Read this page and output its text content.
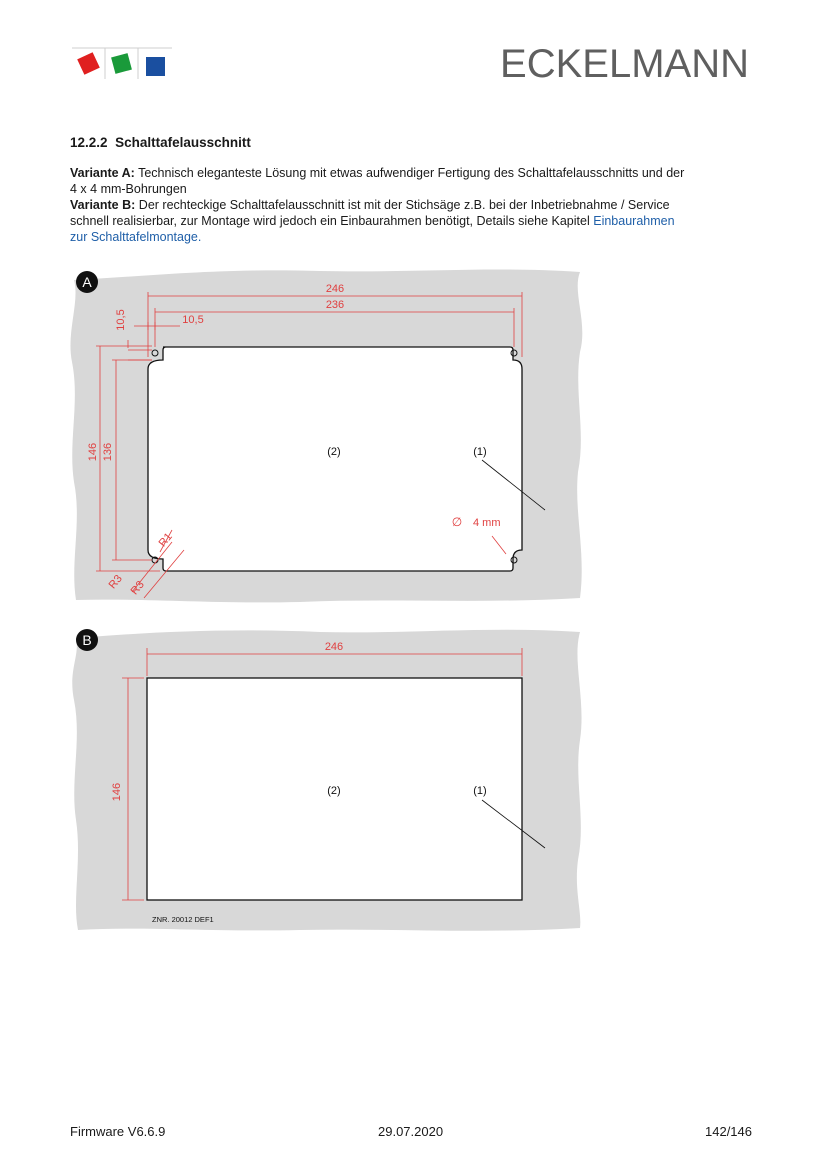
ECKELMANN
12.2.2 Schalttafelausschnitt
Variante A: Technisch eleganteste Lösung mit etwas aufwendiger Fertigung des Schalttafelausschnitts und der
4 x 4 mm-Bohrungen
Variante B: Der rechteckige Schalttafelausschnitt ist mit der Stichsäge z.B. bei der Inbetriebnahme / Service
schnell realisierbar, zur Montage wird jedoch ein Einbaurahmen benötigt, Details siehe Kapitel Einbaurahmen
zur Schalttafelmontage.
A	246
236
10,5
10,5
146 136	(2)	(1)
∅ 4 mm
R1
R3 R3
B	246
146	(2)	(1)
ZNR. 20012 DEF1
Firmware V6.6.9	29.07.2020	142/146
